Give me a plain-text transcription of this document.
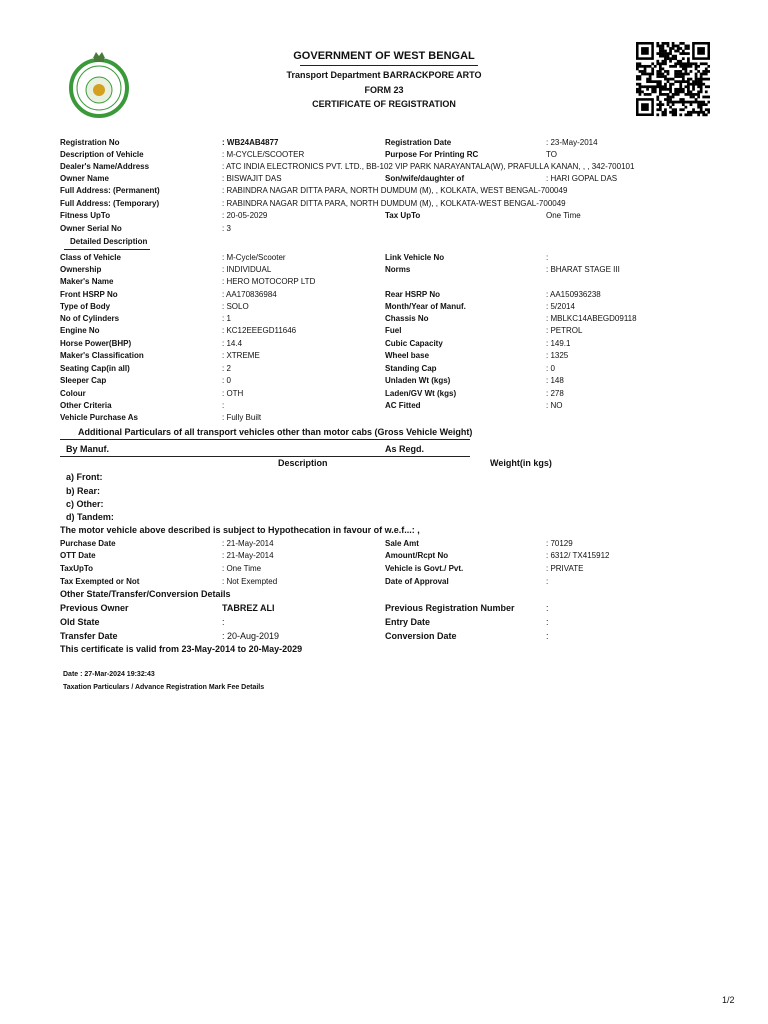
GOVERNMENT OF WEST BENGAL
Transport Department BARRACKPORE ARTO
FORM 23
CERTIFICATE OF REGISTRATION
Registration No	: WB24AB4877	Registration Date	: 23-May-2014
Description of Vehicle	: M-CYCLE/SCOOTER	Purpose For Printing RC	TO
Dealer's Name/Address	: ATC INDIA ELECTRONICS PVT. LTD., BB-102 VIP PARK NARAYANTALA(W), PRAFULLA KANAN, , , 342-700101
Owner Name	: BISWAJIT DAS	Son/wife/daughter of	: HARI GOPAL DAS
Full Address: (Permanent)	: RABINDRA NAGAR DITTA PARA, NORTH DUMDUM (M), , KOLKATA, WEST BENGAL-700049
Full Address: (Temporary)	: RABINDRA NAGAR DITTA PARA, NORTH DUMDUM (M), , KOLKATA-WEST BENGAL-700049
Fitness UpTo	: 20-05-2029	Tax UpTo	One Time
Owner Serial No	: 3
Detailed Description
Class of Vehicle	: M-Cycle/Scooter	Link Vehicle No	:
Ownership	: INDIVIDUAL	Norms	: BHARAT STAGE III
Maker's Name	: HERO MOTOCORP LTD
Front HSRP No	: AA170836984	Rear HSRP No	: AA150936238
Type of Body	: SOLO	Month/Year of Manuf.	: 5/2014
No of Cylinders	: 1	Chassis No	: MBLKC14ABEGD09118
Engine No	: KC12EEEGD11646	Fuel	: PETROL
Horse Power(BHP)	: 14.4	Cubic Capacity	: 149.1
Maker's Classification	: XTREME	Wheel base	: 1325
Seating Cap(in all)	: 2	Standing Cap	: 0
Sleeper Cap	: 0	Unladen Wt (kgs)	: 148
Colour	: OTH	Laden/GV Wt (kgs)	: 278
Other Criteria	:	AC Fitted	: NO
Vehicle Purchase As	: Fully Built
Additional Particulars of all transport vehicles other than motor cabs (Gross Vehicle Weight)
By Manuf.	As Regd.
Description	Weight(in kgs)
a) Front:
b) Rear:
c) Other:
d) Tandem:
The motor vehicle above described is subject to Hypothecation in favour of w.e.f...: ,
Purchase Date	: 21-May-2014	Sale Amt	: 70129
OTT Date	: 21-May-2014	Amount/Rcpt No	: 6312/ TX415912
TaxUpTo	: One Time	Vehicle is Govt./ Pvt.	: PRIVATE
Tax Exempted or Not	: Not Exempted	Date of Approval	:
Other State/Transfer/Conversion Details
Previous Owner	TABREZ ALI	Previous Registration Number	:
Old State	:	Entry Date	:
Transfer Date	: 20-Aug-2019	Conversion Date	:
This certificate is valid from 23-May-2014 to 20-May-2029
Date : 27-Mar-2024 19:32:43
Taxation Particulars / Advance Registration Mark Fee Details
1/2
